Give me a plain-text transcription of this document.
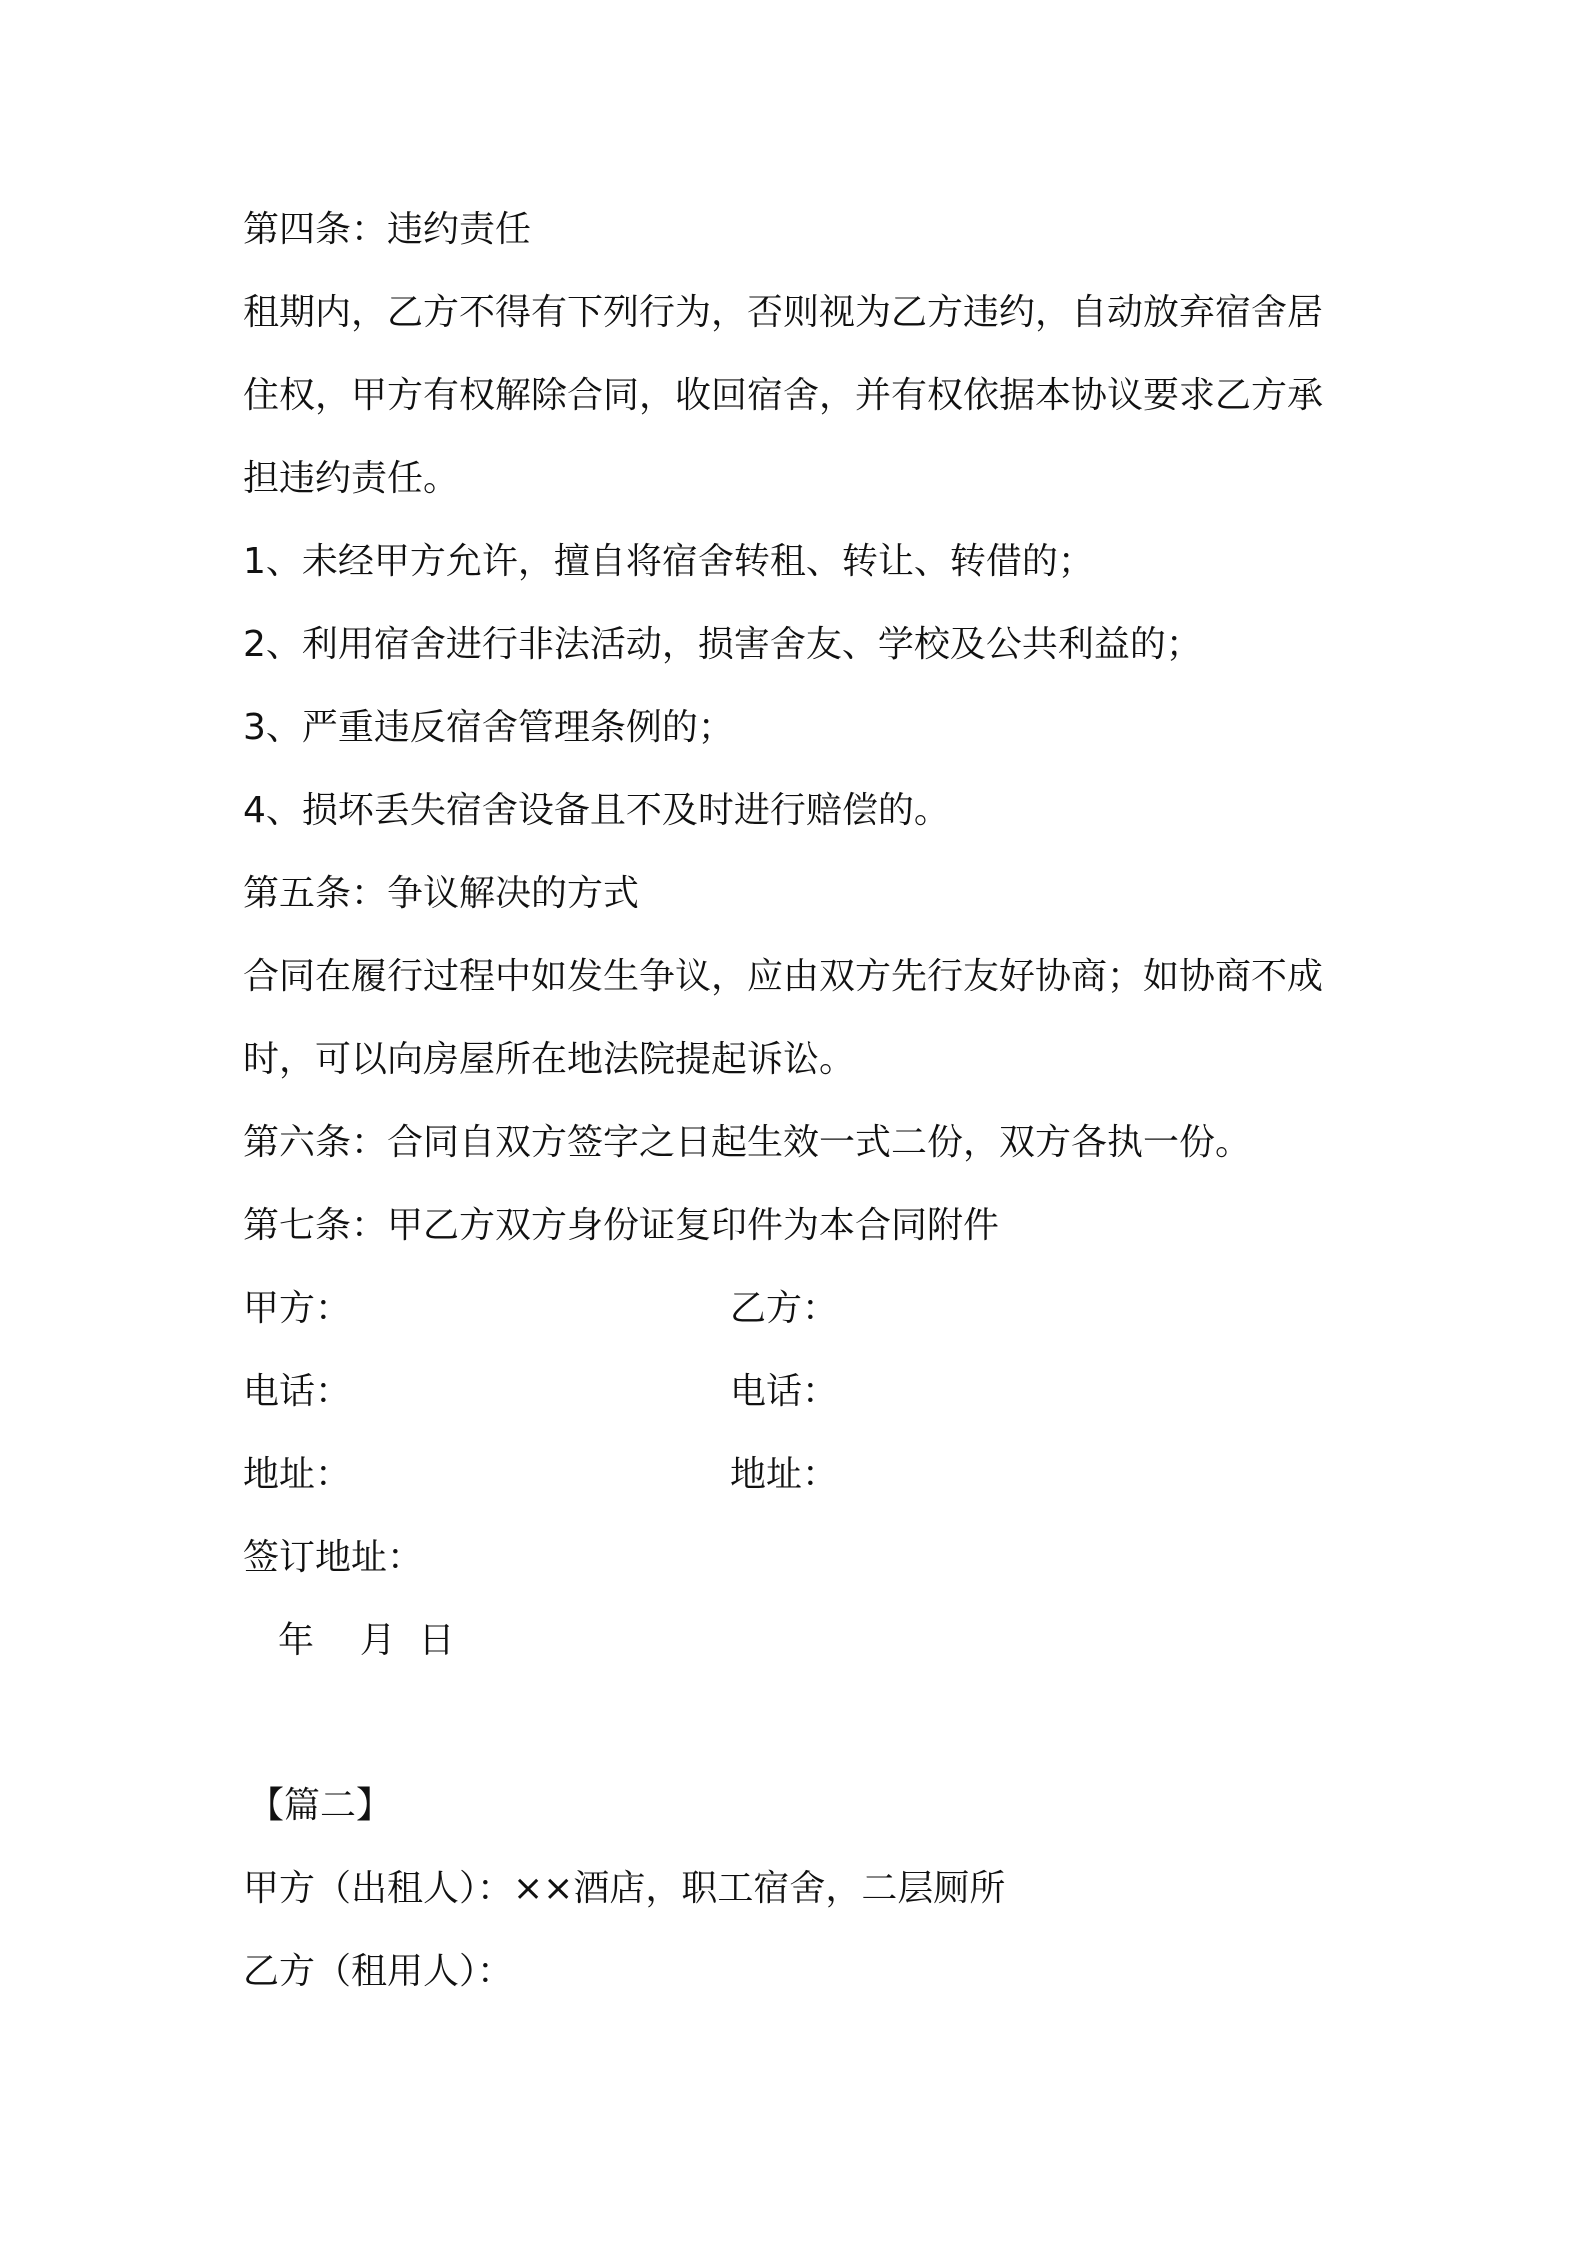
第四条：违约责任
租期内，乙方不得有下列行为，否则视为乙方违约，自动放弃宿舍居
住权，甲方有权解除合同，收回宿舍，并有权依据本协议要求乙方承
担违约责任。
1、未经甲方允许，擅自将宿舍转租、转让、转借的；
2、利用宿舍进行非法活动，损害舍友、学校及公共利益的；
3、严重违反宿舍管理条例的；
4、损坏丢失宿舍设备且不及时进行赔偿的。
第五条：争议解决的方式
合同在履行过程中如发生争议，应由双方先行友好协商；如协商不成
时，可以向房屋所在地法院提起诉讼。
第六条：合同自双方签字之日起生效一式二份，双方各执一份。
第七条：甲乙方双方身份证复印件为本合同附件
甲方：	乙方：
电话：	电话：
地址：	地址：
签订地址：
年    月  日
【篇二】
甲方（出租人）：××酒店，职工宿舍，二层厕所
乙方（租用人）：
